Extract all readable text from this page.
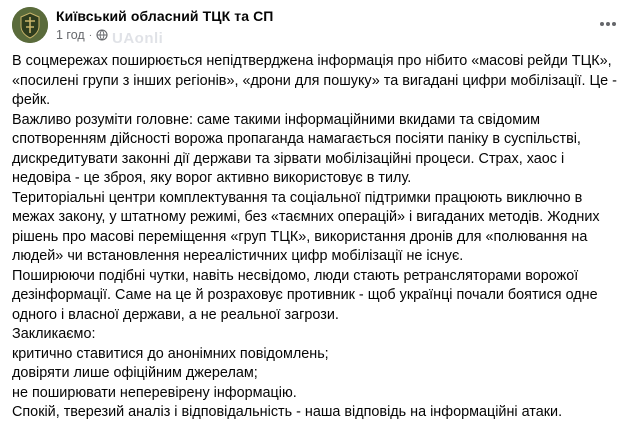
Київський обласний ТЦК та СП
1 год · UAonli

В соцмережах поширюється непідтверджена інформація про нібито «масові рейди ТЦК», «посилені групи з інших регіонів», «дрони для пошуку» та вигадані цифри мобілізації. Це - фейк.

Важливо розуміти головне: саме такими інформаційними вкидами та свідомим спотворенням дійсності ворожа пропаганда намагається посіяти паніку в суспільстві, дискредитувати законні дії держави та зірвати мобілізаційні процеси. Страх, хаос і недовіра - це зброя, яку ворог активно використовує в тилу.

Територіальні центри комплектування та соціальної підтримки працюють виключно в межах закону, у штатному режимі, без «таємних операцій» і вигаданих методів. Жодних рішень про масові переміщення «груп ТЦК», використання дронів для «полювання на людей» чи встановлення нереалістичних цифр мобілізації не існує.

Поширюючи подібні чутки, навіть несвідомо, люди стають ретрансляторами ворожої дезінформації. Саме на це й розраховує противник - щоб українці почали боятися одне одного і власної держави, а не реальної загрози.

Закликаємо:

критично ставитися до анонімних повідомлень;

довіряти лише офіційним джерелам;

не поширювати неперевірену інформацію.

Спокій, тверезий аналіз і відповідальність - наша відповідь на інформаційні атаки.
